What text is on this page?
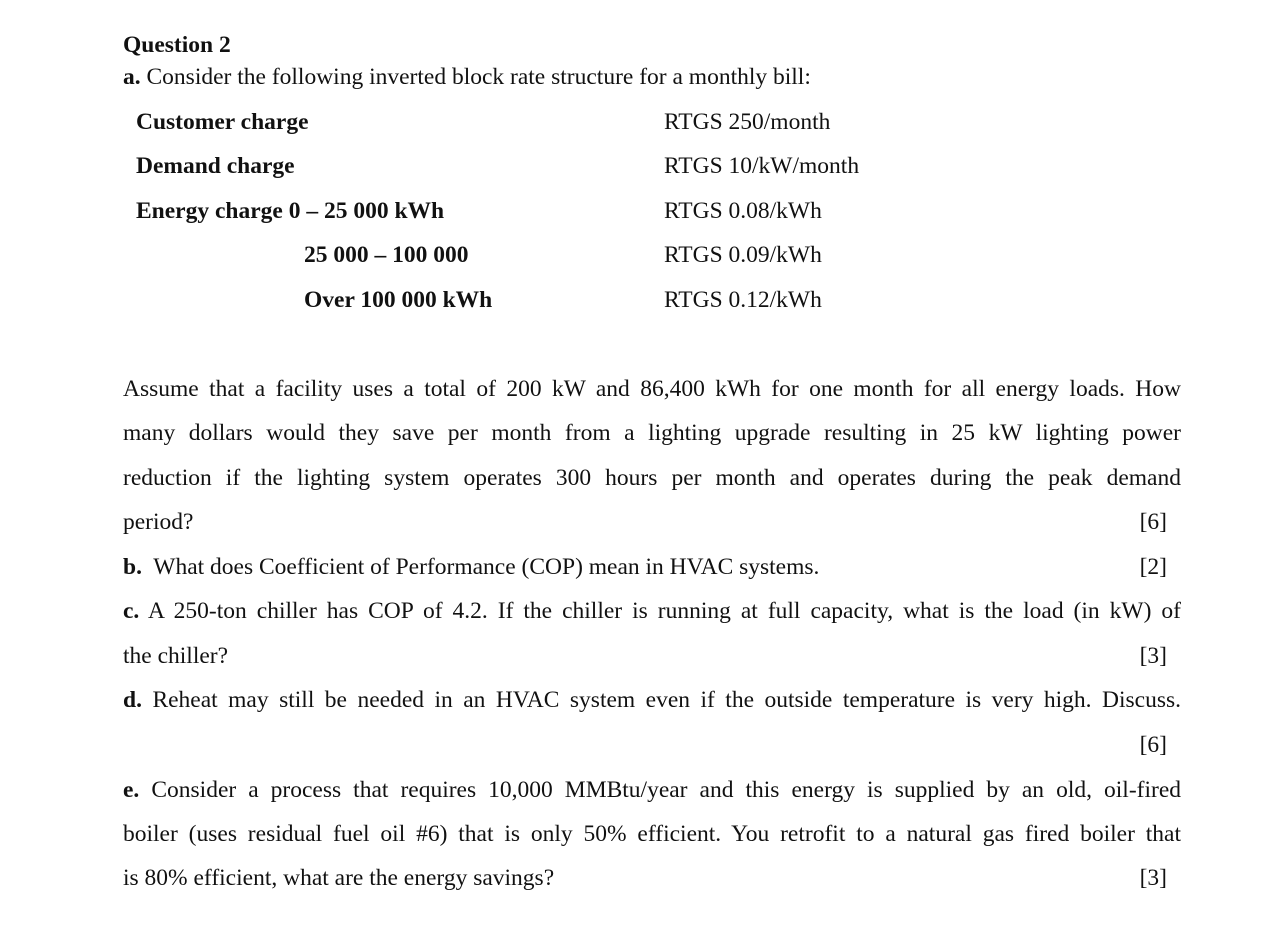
Question 2
a. Consider the following inverted block rate structure for a monthly bill:
Customer charge	RTGS 250/month
Demand charge	RTGS 10/kW/month
Energy charge 0 – 25 000 kWh	RTGS 0.08/kWh
25 000 – 100 000	RTGS 0.09/kWh
Over 100 000 kWh	RTGS 0.12/kWh
Assume that a facility uses a total of 200 kW and 86,400 kWh for one month for all energy loads. How
many dollars would they save per month from a lighting upgrade resulting in 25 kW lighting power
reduction if the lighting system operates 300 hours per month and operates during the peak demand
period?	[6]
b. What does Coefficient of Performance (COP) mean in HVAC systems.	[2]
c. A 250-ton chiller has COP of 4.2. If the chiller is running at full capacity, what is the load (in kW) of
the chiller?	[3]
d. Reheat may still be needed in an HVAC system even if the outside temperature is very high. Discuss.
[6]
e. Consider a process that requires 10,000 MMBtu/year and this energy is supplied by an old, oil-fired
boiler (uses residual fuel oil #6) that is only 50% efficient. You retrofit to a natural gas fired boiler that
is 80% efficient, what are the energy savings?	[3]
